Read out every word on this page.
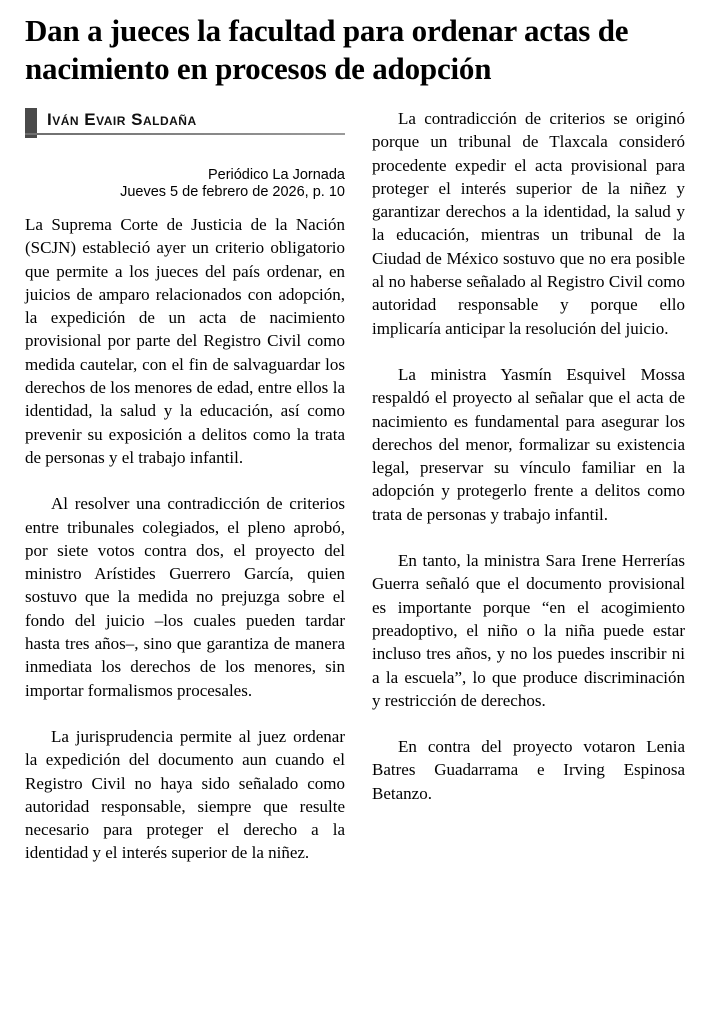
Dan a jueces la facultad para ordenar actas de nacimiento en procesos de adopción
Iván Evair Saldaña
Periódico La Jornada
Jueves 5 de febrero de 2026, p. 10

La Suprema Corte de Justicia de la Nación (SCJN) estableció ayer un criterio obligatorio que permite a los jueces del país ordenar, en juicios de amparo relacionados con adopción, la expedición de un acta de nacimiento provisional por parte del Registro Civil como medida cautelar, con el fin de salvaguardar los derechos de los menores de edad, entre ellos la identidad, la salud y la educación, así como prevenir su exposición a delitos como la trata de personas y el trabajo infantil.

Al resolver una contradicción de criterios entre tribunales colegiados, el pleno aprobó, por siete votos contra dos, el proyecto del ministro Arístides Guerrero García, quien sostuvo que la medida no prejuzga sobre el fondo del juicio –los cuales pueden tardar hasta tres años–, sino que garantiza de manera inmediata los derechos de los menores, sin importar formalismos procesales.

La jurisprudencia permite al juez ordenar la expedición del documento aun cuando el Registro Civil no haya sido señalado como autoridad responsable, siempre que resulte necesario para proteger el derecho a la identidad y el interés superior de la niñez.

La contradicción de criterios se originó porque un tribunal de Tlaxcala consideró procedente expedir el acta provisional para proteger el interés superior de la niñez y garantizar derechos a la identidad, la salud y la educación, mientras un tribunal de la Ciudad de México sostuvo que no era posible al no haberse señalado al Registro Civil como autoridad responsable y porque ello implicaría anticipar la resolución del juicio.

La ministra Yasmín Esquivel Mossa respaldó el proyecto al señalar que el acta de nacimiento es fundamental para asegurar los derechos del menor, formalizar su existencia legal, preservar su vínculo familiar en la adopción y protegerlo frente a delitos como trata de personas y trabajo infantil.

En tanto, la ministra Sara Irene Herrerías Guerra señaló que el documento provisional es importante porque “en el acogimiento preadoptivo, el niño o la niña puede estar incluso tres años, y no los puedes inscribir ni a la escuela”, lo que produce discriminación y restricción de derechos.

En contra del proyecto votaron Lenia Batres Guadarrama e Irving Espinosa Betanzo.
